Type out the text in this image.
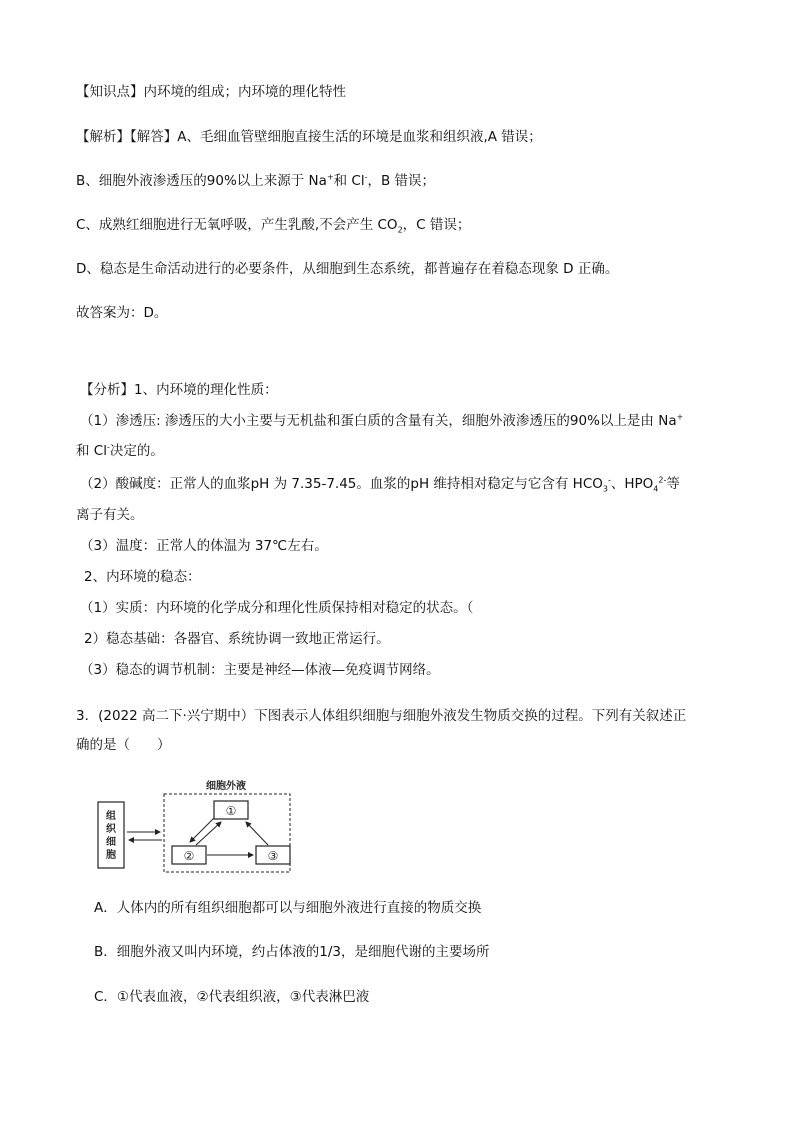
【知识点】内环境的组成；内环境的理化特性
【解析】【解答】A、毛细血管壁细胞直接生活的环境是血浆和组织液,A 错误；
B、细胞外液渗透压的90%以上来源于 Na+和 Cl-，B 错误；
C、成熟红细胞进行无氧呼吸，产生乳酸,不会产生 $CO_2$，C 错误；
D、稳态是生命活动进行的必要条件，从细胞到生态系统，都普遍存在着稳态现象 D 正确。
故答案为：D。
【分析】1、内环境的理化性质：
（1）渗透压: 渗透压的大小主要与无机盐和蛋白质的含量有关，细胞外液渗透压的90%以上是由 Na+
和 Cl-决定的。
（2）酸碱度：正常人的血浆pH 为 7.35-7.45。血浆的pH 维持相对稳定与它含有 $HCO_3^-$、$HPO_4^{2-}$等
离子有关。
（3）温度：正常人的体温为 37℃左右。
2、内环境的稳态：
（1）实质：内环境的化学成分和理化性质保持相对稳定的状态。（
2）稳态基础：各器官、系统协调一致地正常运行。
（3）稳态的调节机制：主要是神经—体液—免疫调节网络。
3．(2022 高二下·兴宁期中）下图表示人体组织细胞与细胞外液发生物质交换的过程。下列有关叙述正
确的是（　　）
细胞外液
组
织
细
胞
①
②	③
A．人体内的所有组织细胞都可以与细胞外液进行直接的物质交换
B．细胞外液又叫内环境，约占体液的1/3，是细胞代谢的主要场所
C．①代表血液，②代表组织液，③代表淋巴液
